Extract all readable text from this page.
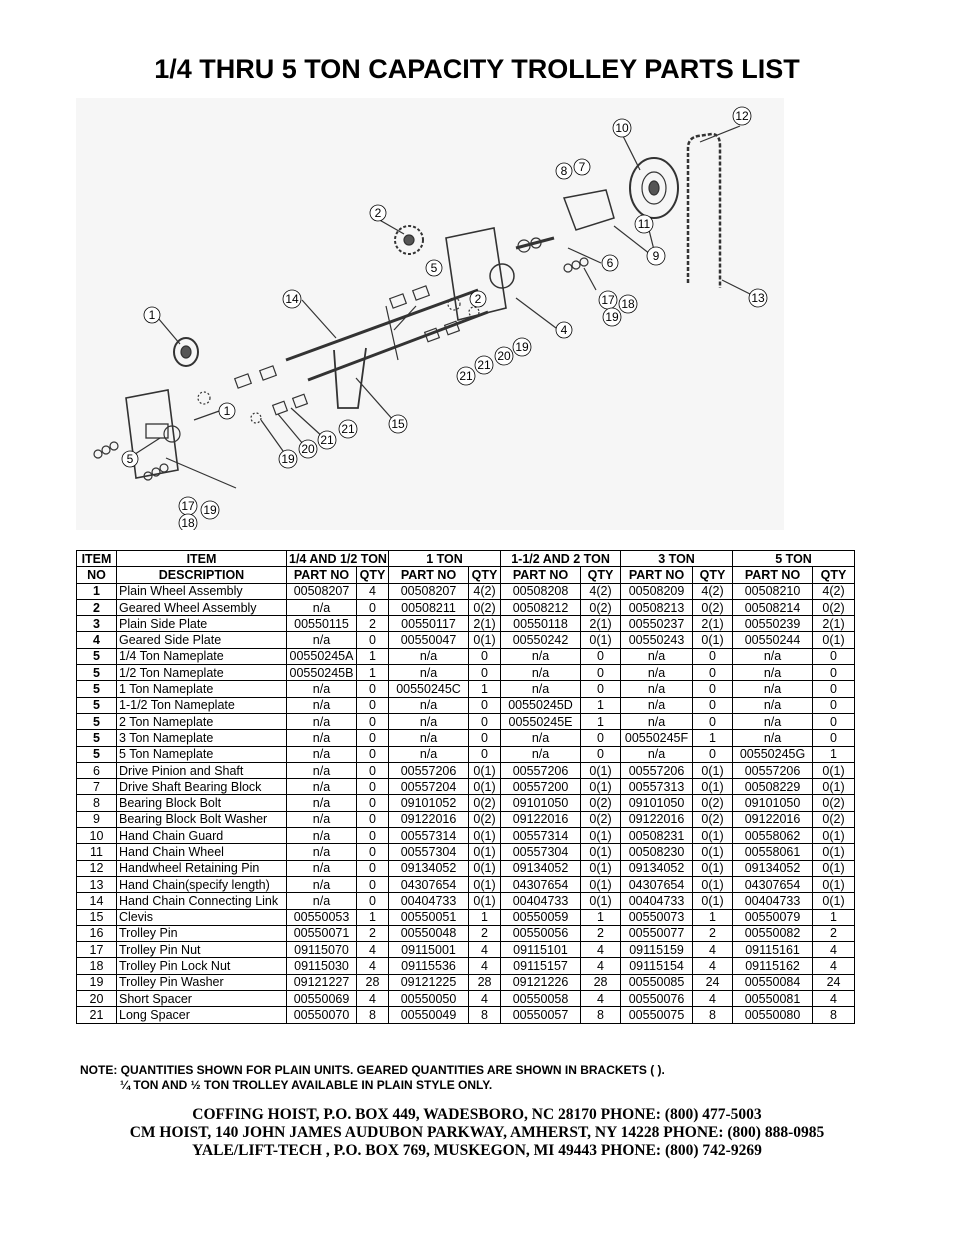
1/4 THRU 5 TON CAPACITY TROLLEY PARTS LIST
2
7
8
10
12
11
9
6
5
2	17 18
19
4
13
14
19
20
21
21
1
1
15
21
21
20
19
5
17 19
18
ITEM	ITEM	1/4 AND 1/2 TON		1 TON		1-1/2 AND 2 TON		3 TON		5 TON	
NO	DESCRIPTION	PART NO	QTY	PART NO	QTY	PART NO	QTY	PART NO	QTY	PART NO	QTY
1	Plain Wheel Assembly	00508207	4	00508207	4(2)	00508208	4(2)	00508209	4(2)	00508210	4(2)
2	Geared Wheel Assembly	n/a	0	00508211	0(2)	00508212	0(2)	00508213	0(2)	00508214	0(2)
3	Plain Side Plate	00550115	2	00550117	2(1)	00550118	2(1)	00550237	2(1)	00550239	2(1)
4	Geared Side Plate	n/a	0	00550047	0(1)	00550242	0(1)	00550243	0(1)	00550244	0(1)
5	1/4 Ton Nameplate	00550245A	1	n/a	0	n/a	0	n/a	0	n/a	0
5	1/2 Ton Nameplate	00550245B	1	n/a	0	n/a	0	n/a	0	n/a	0
5	1 Ton Nameplate	n/a	0	00550245C	1	n/a	0	n/a	0	n/a	0
5	1-1/2 Ton Nameplate	n/a	0	n/a	0	00550245D	1	n/a	0	n/a	0
5	2 Ton Nameplate	n/a	0	n/a	0	00550245E	1	n/a	0	n/a	0
5	3 Ton Nameplate	n/a	0	n/a	0	n/a	0	00550245F	1	n/a	0
5	5 Ton Nameplate	n/a	0	n/a	0	n/a	0	n/a	0	00550245G	1
6	Drive Pinion and Shaft	n/a	0	00557206	0(1)	00557206	0(1)	00557206	0(1)	00557206	0(1)
7	Drive Shaft Bearing Block	n/a	0	00557204	0(1)	00557200	0(1)	00557313	0(1)	00508229	0(1)
8	Bearing Block Bolt	n/a	0	09101052	0(2)	09101050	0(2)	09101050	0(2)	09101050	0(2)
9	Bearing Block Bolt Washer	n/a	0	09122016	0(2)	09122016	0(2)	09122016	0(2)	09122016	0(2)
10	Hand Chain Guard	n/a	0	00557314	0(1)	00557314	0(1)	00508231	0(1)	00558062	0(1)
11	Hand Chain Wheel	n/a	0	00557304	0(1)	00557304	0(1)	00508230	0(1)	00558061	0(1)
12	Handwheel Retaining Pin	n/a	0	09134052	0(1)	09134052	0(1)	09134052	0(1)	09134052	0(1)
13	Hand Chain(specify length)	n/a	0	04307654	0(1)	04307654	0(1)	04307654	0(1)	04307654	0(1)
14	Hand Chain Connecting Link	n/a	0	00404733	0(1)	00404733	0(1)	00404733	0(1)	00404733	0(1)
15	Clevis	00550053	1	00550051	1	00550059	1	00550073	1	00550079	1
16	Trolley Pin	00550071	2	00550048	2	00550056	2	00550077	2	00550082	2
17	Trolley Pin Nut	09115070	4	09115001	4	09115101	4	09115159	4	09115161	4
18	Trolley Pin Lock Nut	09115030	4	09115536	4	09115157	4	09115154	4	09115162	4
19	Trolley Pin Washer	09121227	28	09121225	28	09121226	28	00550085	24	00550084	24
20	Short Spacer	00550069	4	00550050	4	00550058	4	00550076	4	00550081	4
21	Long Spacer	00550070	8	00550049	8	00550057	8	00550075	8	00550080	8
NOTE: QUANTITIES SHOWN FOR PLAIN UNITS. GEARED QUANTITIES ARE SHOWN IN BRACKETS ( ).
¼ TON AND ½ TON TROLLEY AVAILABLE IN PLAIN STYLE ONLY.
COFFING HOIST, P.O. BOX 449, WADESBORO, NC 28170 PHONE: (800) 477-5003
CM HOIST, 140 JOHN JAMES AUDUBON PARKWAY, AMHERST, NY 14228 PHONE: (800) 888-0985
YALE/LIFT-TECH , P.O. BOX 769, MUSKEGON, MI 49443 PHONE: (800) 742-9269
